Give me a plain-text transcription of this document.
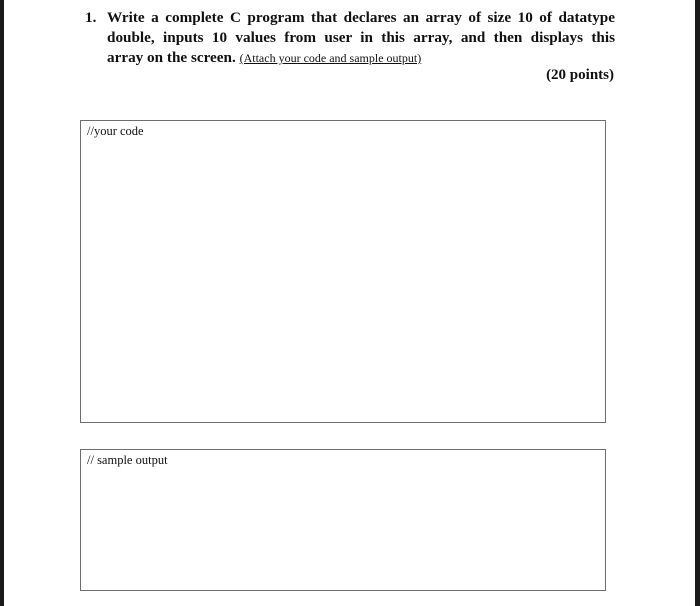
1. Write a complete C program that declares an array of size 10 of datatype
double, inputs 10 values from user in this array, and then displays this
array on the screen. (Attach your code and sample output)
(20 points)
//your code
// sample output
